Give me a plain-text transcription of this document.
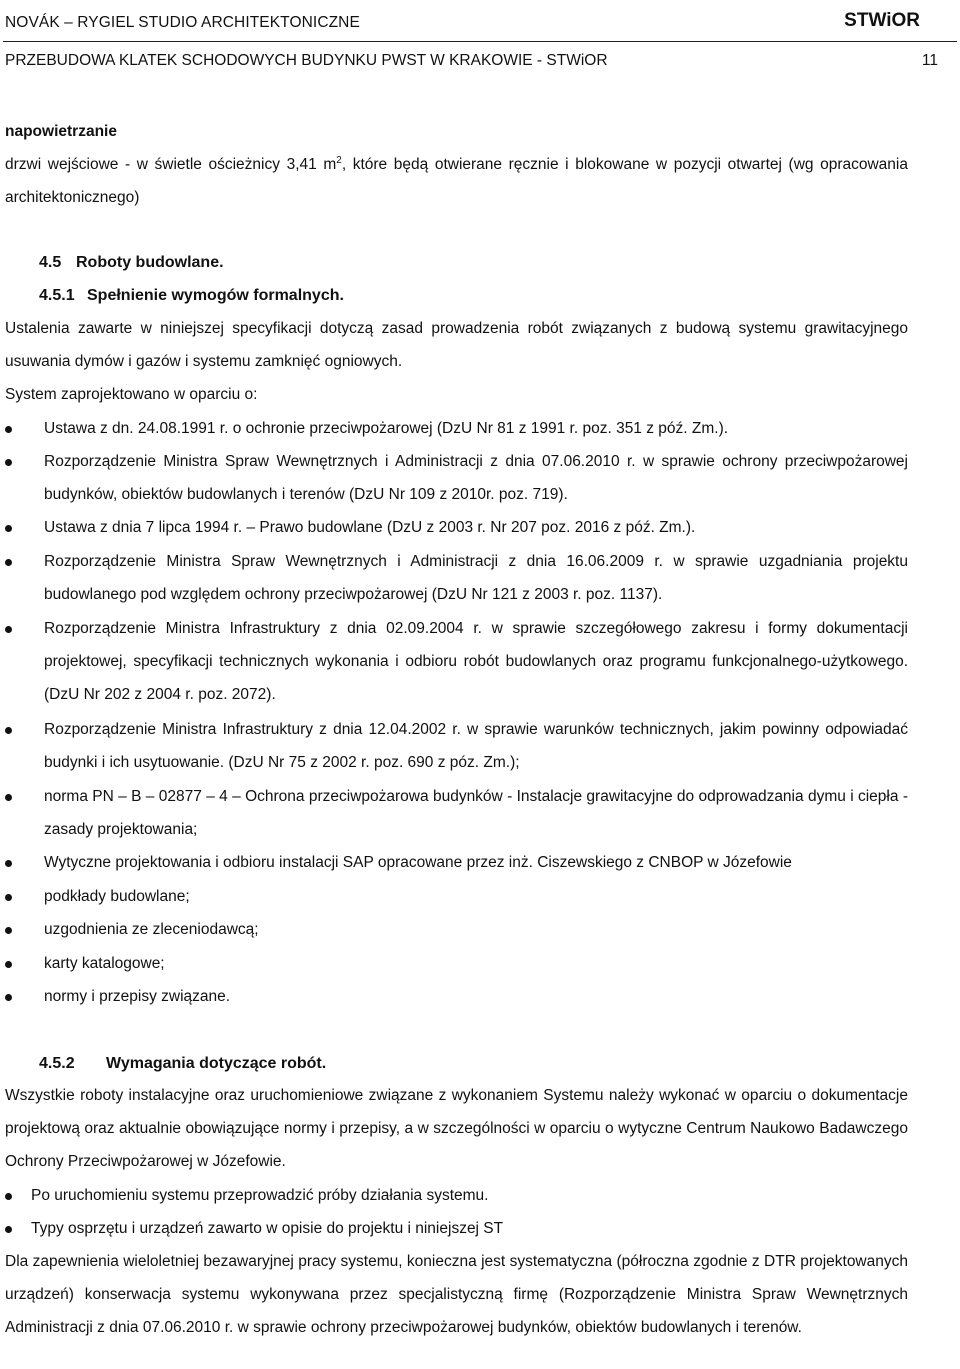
NOVÁK – RYGIEL STUDIO ARCHITEKTONICZNE	STWiOR
PRZEBUDOWA KLATEK SCHODOWYCH BUDYNKU PWST W KRAKOWIE - STWiOR	11
napowietrzanie
drzwi wejściowe - w świetle ościeżnicy 3,41 $m^2$, które będą otwierane ręcznie i blokowane w pozycji otwartej (wg opracowania architektonicznego)
4.5 Roboty budowlane.
4.5.1 Spełnienie wymogów formalnych.
Ustalenia zawarte w niniejszej specyfikacji dotyczą zasad prowadzenia robót związanych z budową systemu grawitacyjnego usuwania dymów i gazów i systemu zamknięć ogniowych.
System zaprojektowano w oparciu o:
Ustawa z dn. 24.08.1991 r. o ochronie przeciwpożarowej (DzU Nr 81 z 1991 r. poz. 351 z póź. Zm.).
Rozporządzenie Ministra Spraw Wewnętrznych i Administracji z dnia 07.06.2010 r. w sprawie ochrony przeciwpożarowej budynków, obiektów budowlanych i terenów (DzU Nr 109 z 2010r. poz. 719).
Ustawa z dnia 7 lipca 1994 r. – Prawo budowlane (DzU z 2003 r. Nr 207 poz. 2016 z póź. Zm.).
Rozporządzenie Ministra Spraw Wewnętrznych i Administracji z dnia 16.06.2009 r. w sprawie uzgadniania projektu budowlanego pod względem ochrony przeciwpożarowej (DzU Nr 121 z 2003 r. poz. 1137).
Rozporządzenie Ministra Infrastruktury z dnia 02.09.2004 r. w sprawie szczegółowego zakresu i formy dokumentacji projektowej, specyfikacji technicznych wykonania i odbioru robót budowlanych oraz programu funkcjonalnego-użytkowego. (DzU Nr 202 z 2004 r. poz. 2072).
Rozporządzenie Ministra Infrastruktury z dnia 12.04.2002 r. w sprawie warunków technicznych, jakim powinny odpowiadać budynki i ich usytuowanie. (DzU Nr 75 z 2002 r. poz. 690 z póz. Zm.);
norma PN – B – 02877 – 4 – Ochrona przeciwpożarowa budynków - Instalacje grawitacyjne do odprowadzania dymu i ciepła - zasady projektowania;
Wytyczne projektowania i odbioru instalacji SAP opracowane przez inż. Ciszewskiego z CNBOP w Józefowie
podkłady budowlane;
uzgodnienia ze zleceniodawcą;
karty katalogowe;
normy i przepisy związane.
4.5.2 Wymagania dotyczące robót.
Wszystkie roboty instalacyjne oraz uruchomieniowe związane z wykonaniem Systemu należy wykonać w oparciu o dokumentacje projektową oraz aktualnie obowiązujące normy i przepisy, a w szczególności w oparciu o wytyczne Centrum Naukowo Badawczego Ochrony Przeciwpożarowej w Józefowie.
Po uruchomieniu systemu przeprowadzić próby działania systemu.
Typy osprzętu i urządzeń zawarto w opisie do projektu i niniejszej ST
Dla zapewnienia wieloletniej bezawaryjnej pracy systemu, konieczna jest systematyczna (półroczna zgodnie z DTR projektowanych urządzeń) konserwacja systemu wykonywana przez specjalistyczną firmę (Rozporządzenie Ministra Spraw Wewnętrznych Administracji z dnia 07.06.2010 r. w sprawie ochrony przeciwpożarowej budynków, obiektów budowlanych i terenów.
